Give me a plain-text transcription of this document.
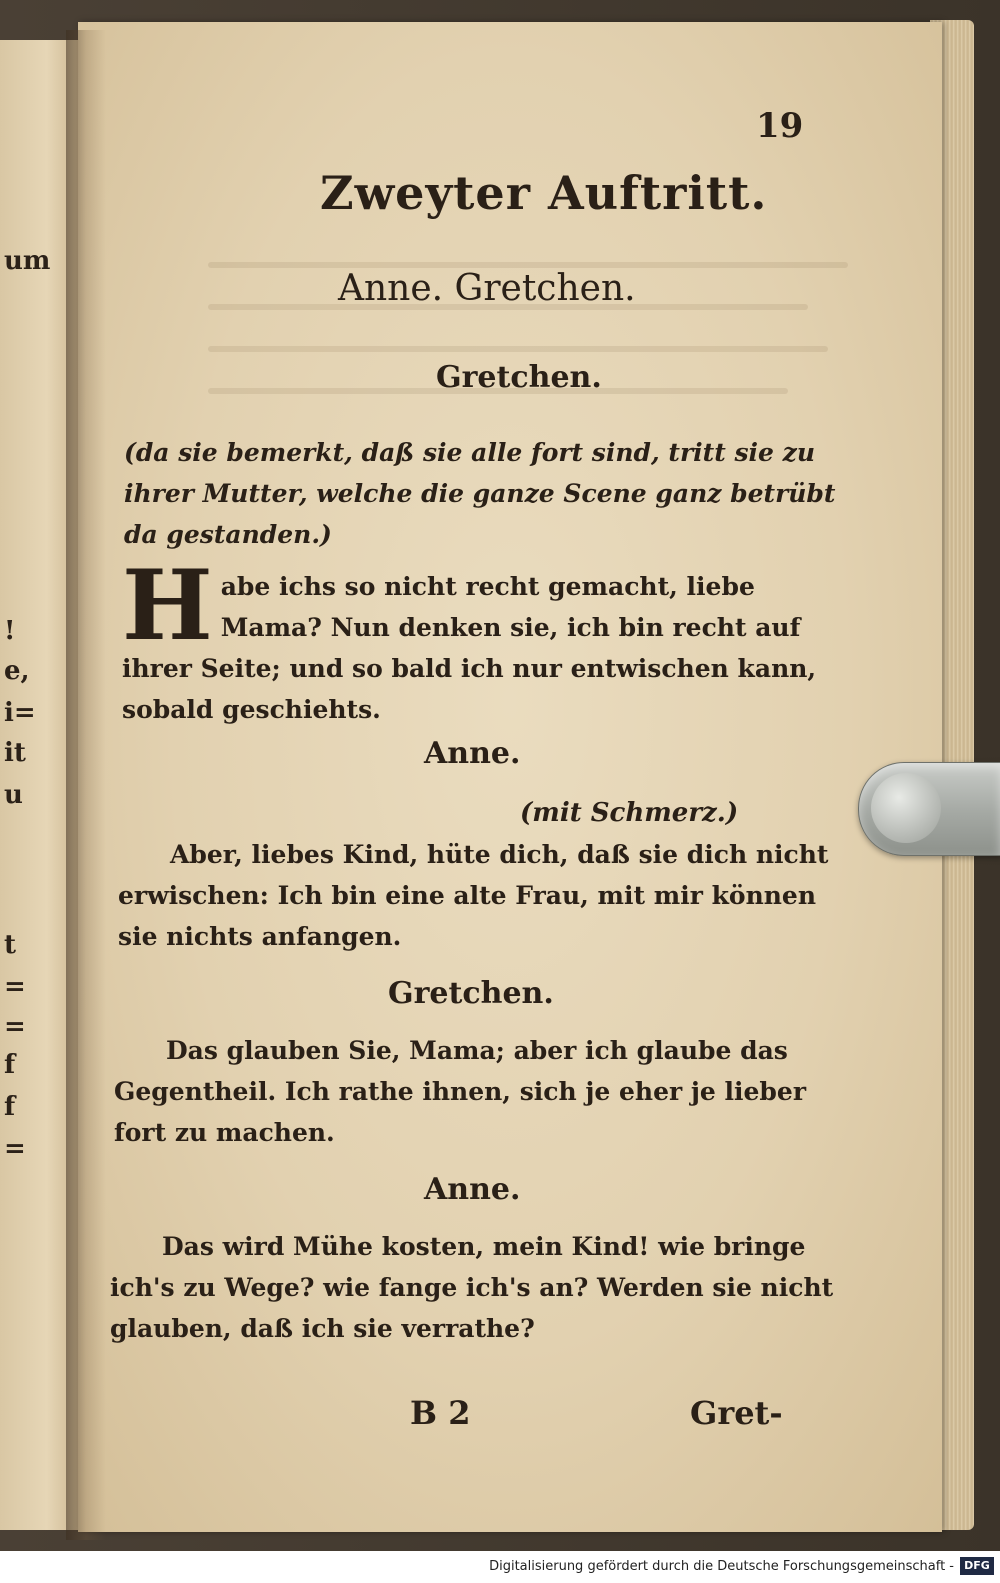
um
!
e,
i=
it
u
t
=
=
f
f
=
19
Zweyter Auftritt.
Anne. Gretchen.
Gretchen.
(da sie bemerkt, daß sie alle fort sind, tritt sie zu ihrer Mutter, welche die ganze Scene ganz betrübt da gestanden.)
Habe ichs so nicht recht gemacht, liebe Mama? Nun denken sie, ich bin recht auf ihrer Seite; und so bald ich nur entwischen kann, sobald geschiehts.
Anne.
(mit Schmerz.)
Aber, liebes Kind, hüte dich, daß sie dich nicht erwischen: Ich bin eine alte Frau, mit mir können sie nichts anfangen.
Gretchen.
Das glauben Sie, Mama; aber ich glaube das Gegentheil. Ich rathe ihnen, sich je eher je lieber fort zu machen.
Anne.
Das wird Mühe kosten, mein Kind! wie bringe ich's zu Wege? wie fange ich's an? Werden sie nicht glauben, daß ich sie verrathe?
B 2	Gret-
Digitalisierung gefördert durch die Deutsche Forschungsgemeinschaft - DFG
